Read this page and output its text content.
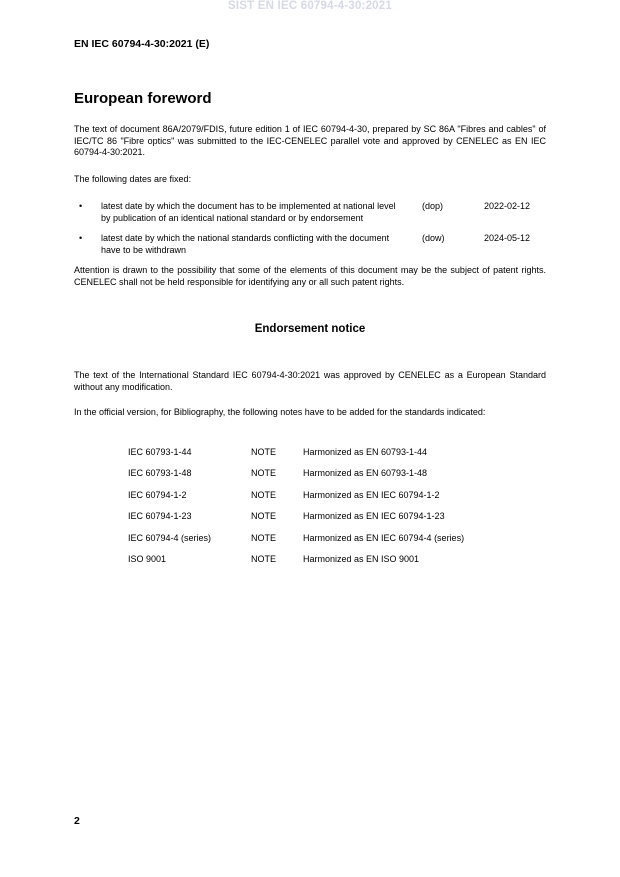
SIST EN IEC 60794-4-30:2021
EN IEC 60794-4-30:2021 (E)
European foreword

The text of document 86A/2079/FDIS, future edition 1 of IEC 60794-4-30, prepared by SC 86A "Fibres and cables" of IEC/TC 86 "Fibre optics" was submitted to the IEC-CENELEC parallel vote and approved by CENELEC as EN IEC 60794-4-30:2021.

The following dates are fixed:

• latest date by which the document has to be implemented at national level by publication of an identical national standard or by endorsement
(dop)	2022-02-12
• latest date by which the national standards conflicting with the document have to be withdrawn
(dow)	2024-05-12

Attention is drawn to the possibility that some of the elements of this document may be the subject of patent rights. CENELEC shall not be held responsible for identifying any or all such patent rights.

Endorsement notice

The text of the International Standard IEC 60794-4-30:2021 was approved by CENELEC as a European Standard without any modification.

In the official version, for Bibliography, the following notes have to be added for the standards indicated:

IEC 60793-1-44	NOTE	Harmonized as EN 60793-1-44
IEC 60793-1-48	NOTE	Harmonized as EN 60793-1-48
IEC 60794-1-2	NOTE	Harmonized as EN IEC 60794-1-2
IEC 60794-1-23	NOTE	Harmonized as EN IEC 60794-1-23
IEC 60794-4 (series)	NOTE	Harmonized as EN IEC 60794-4 (series)
ISO 9001	NOTE	Harmonized as EN ISO 9001
2
